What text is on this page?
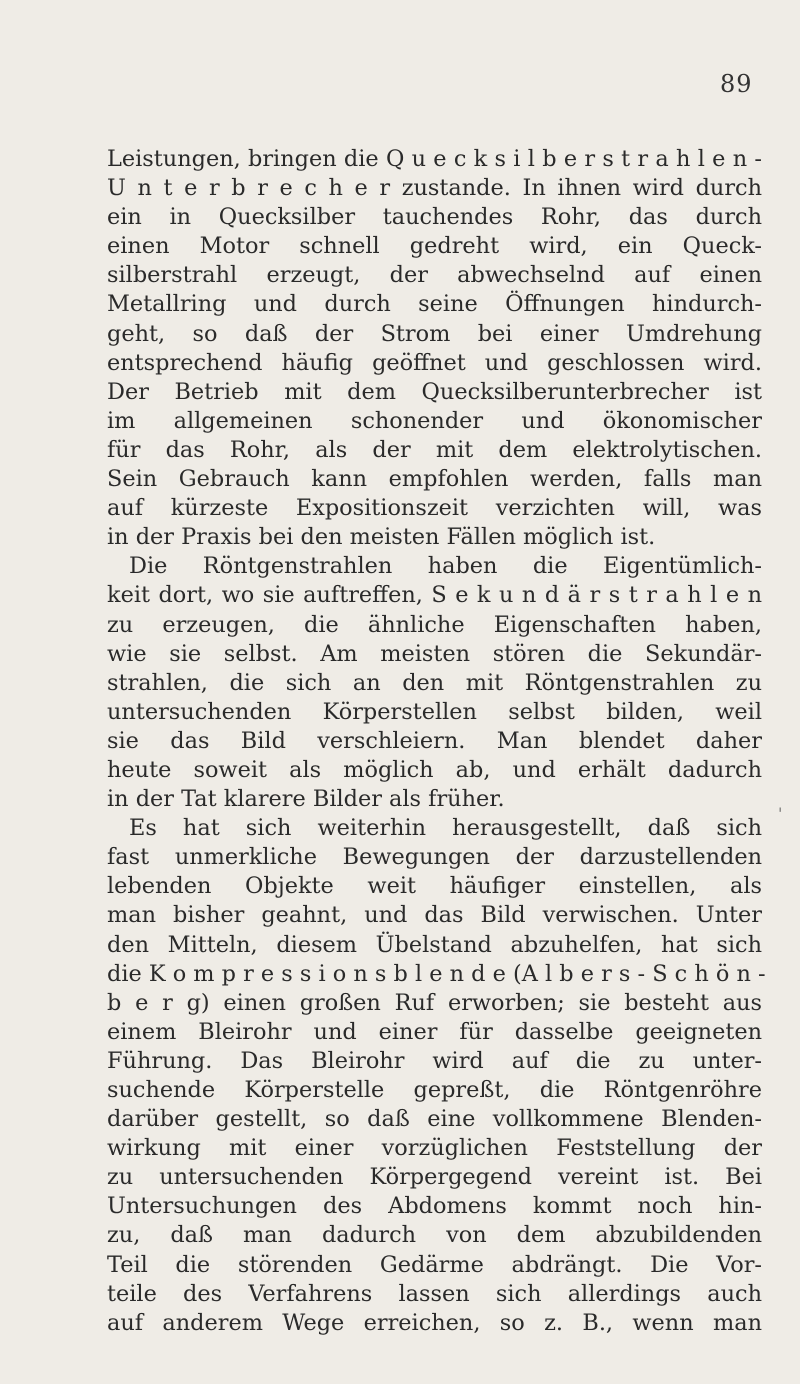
89
'
Leistungen, bringen die Q u e c k s i l b e r s t r a h l e n -
U n t e r b r e c h e r zustande. In ihnen wird durch
ein in Quecksilber tauchendes Rohr, das durch
einen Motor schnell gedreht wird, ein Queck-
silberstrahl erzeugt, der abwechselnd auf einen
Metallring und durch seine Öffnungen hindurch-
geht, so daß der Strom bei einer Umdrehung
entsprechend häufig geöffnet und geschlossen wird.
Der Betrieb mit dem Quecksilberunterbrecher ist
im allgemeinen schonender und ökonomischer
für das Rohr, als der mit dem elektrolytischen.
Sein Gebrauch kann empfohlen werden, falls man
auf kürzeste Expositionszeit verzichten will, was
in der Praxis bei den meisten Fällen möglich ist.
Die Röntgenstrahlen haben die Eigentümlich-
keit dort, wo sie auftreffen, S e k u n d ä r s t r a h l e n
zu erzeugen, die ähnliche Eigenschaften haben,
wie sie selbst. Am meisten stören die Sekundär-
strahlen, die sich an den mit Röntgenstrahlen zu
untersuchenden Körperstellen selbst bilden, weil
sie das Bild verschleiern. Man blendet daher
heute soweit als möglich ab, und erhält dadurch
in der Tat klarere Bilder als früher.
Es hat sich weiterhin herausgestellt, daß sich
fast unmerkliche Bewegungen der darzustellenden
lebenden Objekte weit häufiger einstellen, als
man bisher geahnt, und das Bild verwischen. Unter
den Mitteln, diesem Übelstand abzuhelfen, hat sich
die K o m p r e s s i o n s b l e n d e (A l b e r s - S c h ö n -
b e r g) einen großen Ruf erworben; sie besteht aus
einem Bleirohr und einer für dasselbe geeigneten
Führung. Das Bleirohr wird auf die zu unter-
suchende Körperstelle gepreßt, die Röntgenröhre
darüber gestellt, so daß eine vollkommene Blenden-
wirkung mit einer vorzüglichen Feststellung der
zu untersuchenden Körpergegend vereint ist. Bei
Untersuchungen des Abdomens kommt noch hin-
zu, daß man dadurch von dem abzubildenden
Teil die störenden Gedärme abdrängt. Die Vor-
teile des Verfahrens lassen sich allerdings auch
auf anderem Wege erreichen, so z. B., wenn man
